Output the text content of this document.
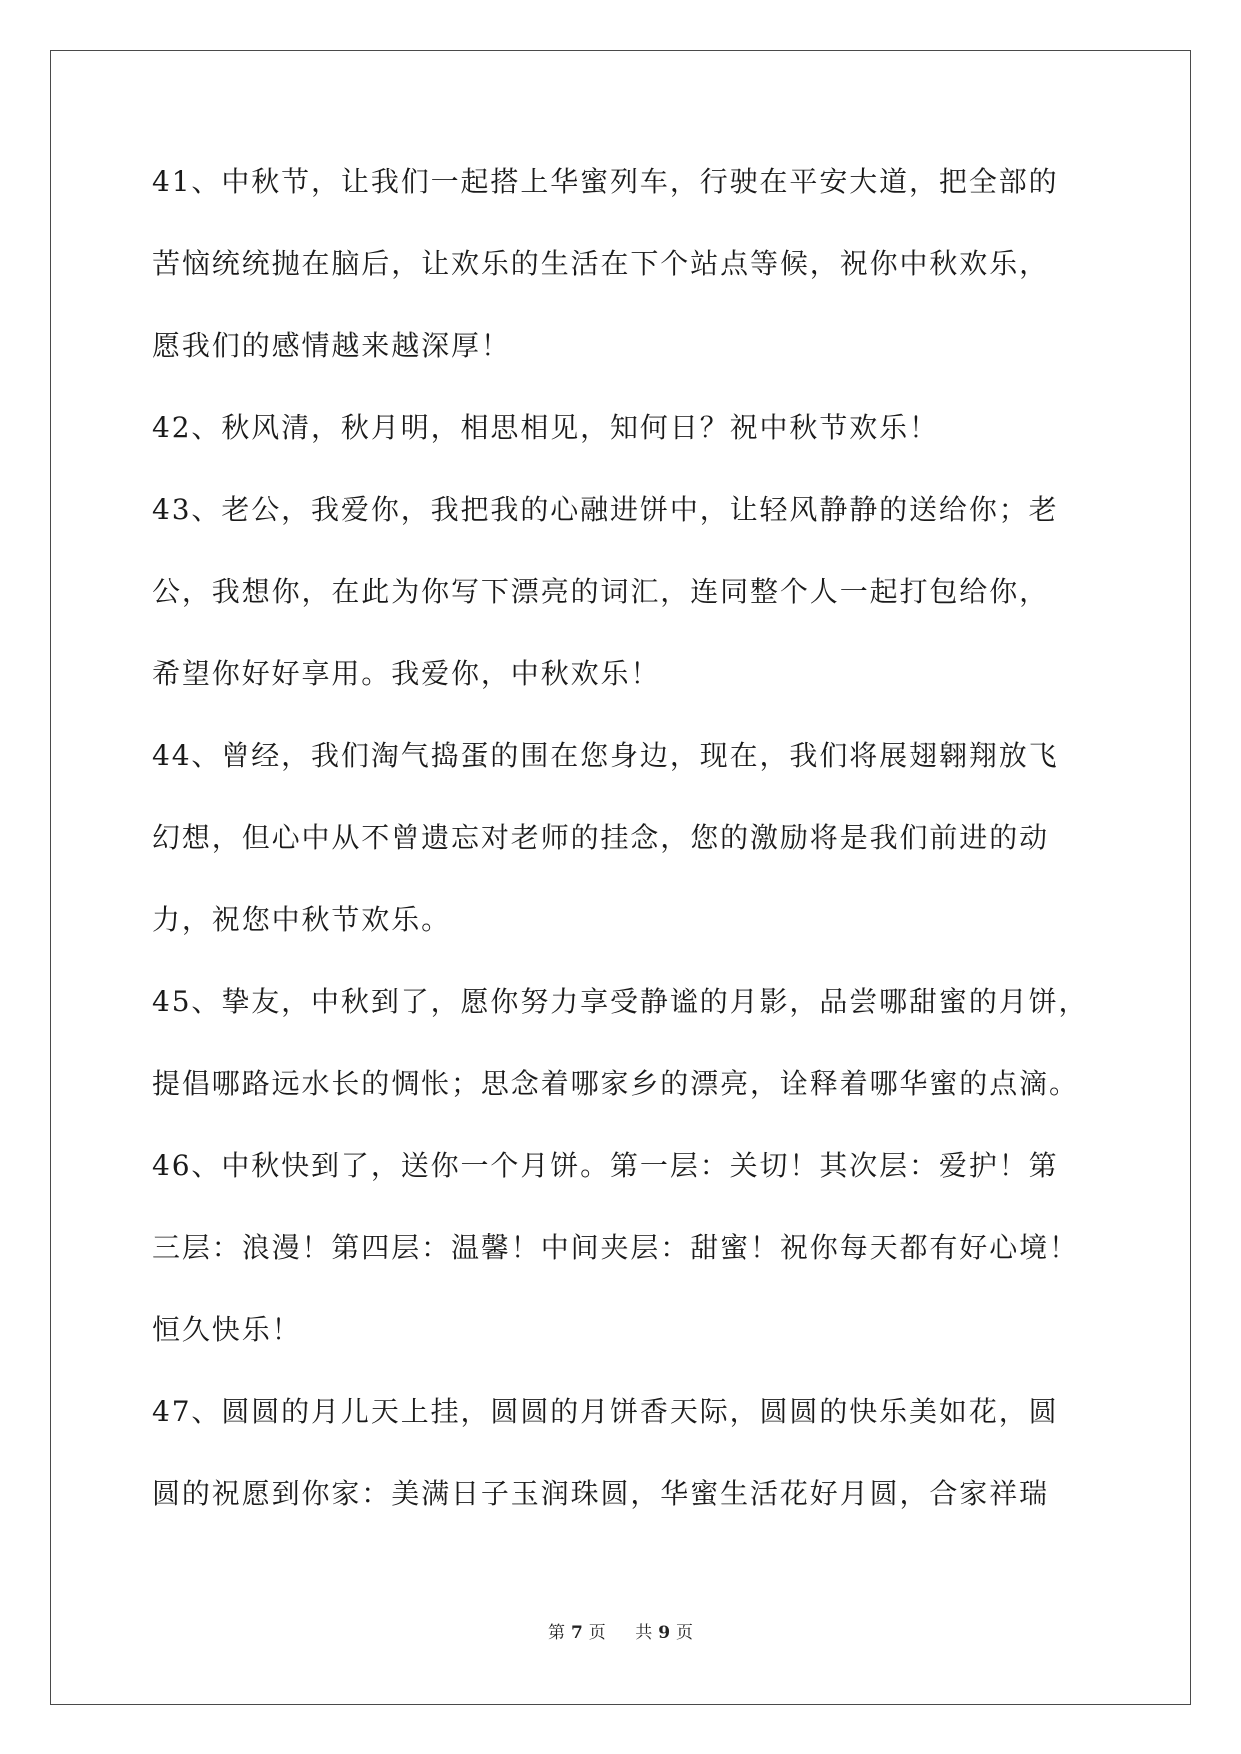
41、中秋节，让我们一起搭上华蜜列车，行驶在平安大道，把全部的
苦恼统统抛在脑后，让欢乐的生活在下个站点等候，祝你中秋欢乐，
愿我们的感情越来越深厚！
42、秋风清，秋月明，相思相见，知何日？祝中秋节欢乐！
43、老公，我爱你，我把我的心融进饼中，让轻风静静的送给你；老
公，我想你，在此为你写下漂亮的词汇，连同整个人一起打包给你，
希望你好好享用。我爱你，中秋欢乐！
44、曾经，我们淘气捣蛋的围在您身边，现在，我们将展翅翱翔放飞
幻想，但心中从不曾遗忘对老师的挂念，您的激励将是我们前进的动
力，祝您中秋节欢乐。
45、挚友，中秋到了，愿你努力享受静谧的月影，品尝哪甜蜜的月饼，
提倡哪路远水长的惆怅；思念着哪家乡的漂亮，诠释着哪华蜜的点滴。
46、中秋快到了，送你一个月饼。第一层：关切！其次层：爱护！第
三层：浪漫！第四层：温馨！中间夹层：甜蜜！祝你每天都有好心境！
恒久快乐！
47、圆圆的月儿天上挂，圆圆的月饼香天际，圆圆的快乐美如花，圆
圆的祝愿到你家：美满日子玉润珠圆，华蜜生活花好月圆，合家祥瑞
第 7 页 共 9 页
